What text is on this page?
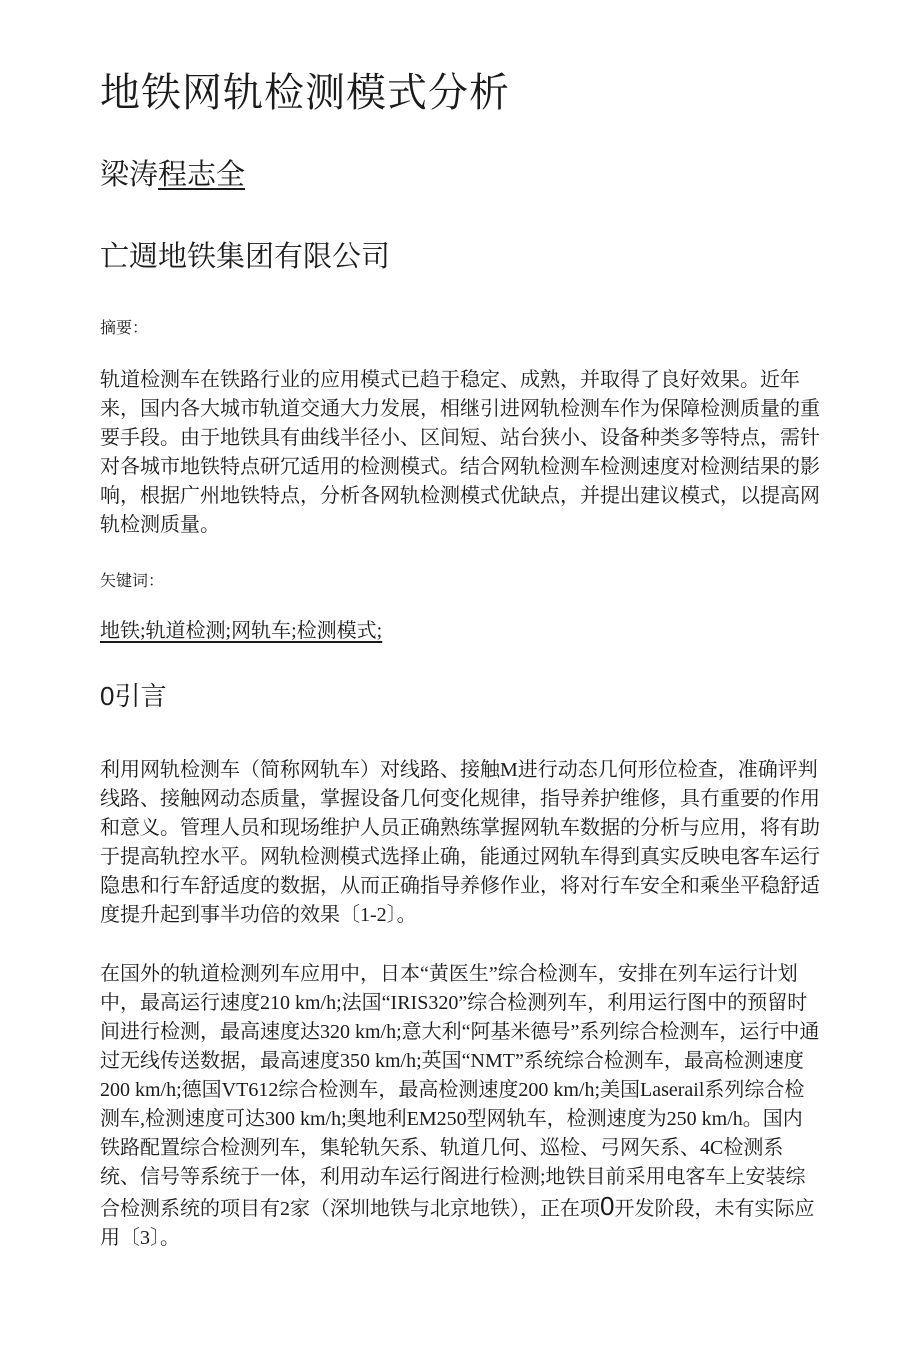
地铁网轨检测模式分析
梁涛程志全
亡週地铁集团有限公司
摘要：

轨道检测车在铁路行业的应用模式已趋于稳定、成熟，并取得了良好效果。近年来，国内各大城市轨道交通大力发展，相继引进网轨检测车作为保障检测质量的重要手段。由于地铁具有曲线半径小、区间短、站台狭小、设备种类多等特点，需针对各城市地铁特点研冗适用的检测模式。结合网轨检测车检测速度对检测结果的影响，根据广州地铁特点，分析各网轨检测模式优缺点，并提出建议模式，以提高网轨检测质量。

矢键词：
地铁;轨道检测;网轨车;检测模式;
0引言

利用网轨检测车（简称网轨车）对线路、接触M进行动态几何形位检查，准确评判线路、接触网动态质量，掌握设备几何变化规律，指导养护维修，具冇重要的作用和意义。管理人员和现场维护人员正确熟练掌握网轨车数据的分析与应用，将有助于提高轨控水平。网轨检测模式选择止确，能通过网轨车得到真实反映电客车运行隐患和行车舒适度的数据，从而正确指导养修作业，将对行车安全和乘坐平稳舒适度提升起到事半功倍的效果〔1-2〕。

在国外的轨道检测列车应用中，日本“黄医生”综合检测车，安排在列车运行计划中，最高运行速度210 km/h;法国“IRIS320”综合检测列车，利用运行图中的预留时间进行检测，最高速度达320 km/h;意大利“阿基米德号”系列综合检测车，运行中通过无线传送数据，最高速度350 km/h;英国“NMT”系统综合检测车，最高检测速度200 km/h;德国VT612综合检测车，最高检测速度200 km/h;美国Laserail系列综合检测车,检测速度可达300 km/h;奥地利EM250型网轨车，检测速度为250 km/h。国内铁路配置综合检测列车，集轮轨矢系、轨道几何、巡检、弓网矢系、4C检测系统、信号等系统于一体，利用动车运行阁进行检测;地铁目前采用电客车上安装综合检测系统的项目有2家（深圳地铁与北京地铁），正在项0开发阶段，未有实际应用〔3〕。
